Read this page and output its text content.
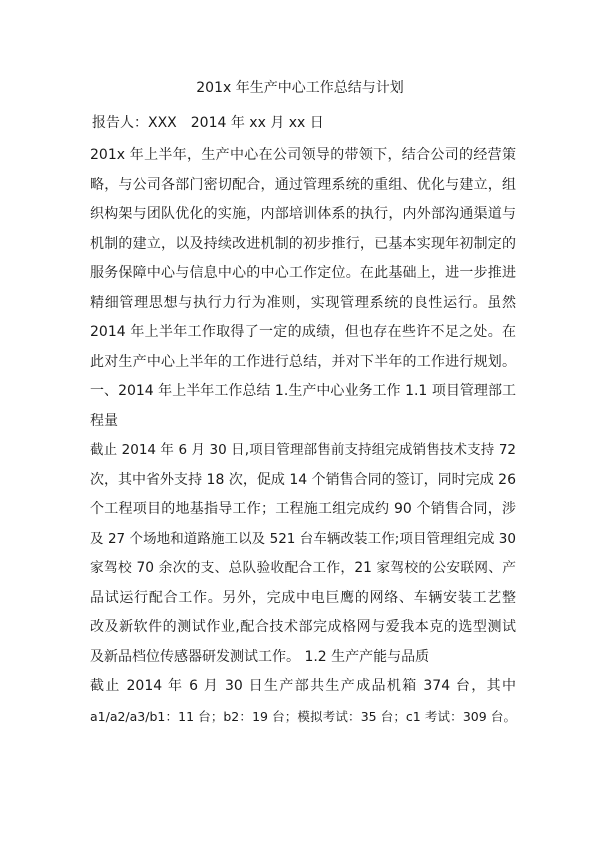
201x 年生产中心工作总结与计划
报告人：XXX　2014 年 xx 月 xx 日
201x 年上半年，生产中心在公司领导的带领下，结合公司的经营策
略，与公司各部门密切配合，通过管理系统的重组、优化与建立，组
织构架与团队优化的实施，内部培训体系的执行，内外部沟通渠道与
机制的建立，以及持续改进机制的初步推行，已基本实现年初制定的
服务保障中心与信息中心的中心工作定位。在此基础上，进一步推进
精细管理思想与执行力行为准则，实现管理系统的良性运行。虽然
2014 年上半年工作取得了一定的成绩，但也存在些许不足之处。在
此对生产中心上半年的工作进行总结，并对下半年的工作进行规划。
一、2014 年上半年工作总结 1.生产中心业务工作 1.1 项目管理部工
程量
截止 2014 年 6 月 30 日,项目管理部售前支持组完成销售技术支持 72
次，其中省外支持 18 次，促成 14 个销售合同的签订，同时完成 26
个工程项目的地基指导工作；工程施工组完成约 90 个销售合同，涉
及 27 个场地和道路施工以及 521 台车辆改装工作;项目管理组完成 30
家驾校 70 余次的支、总队验收配合工作，21 家驾校的公安联网、产
品试运行配合工作。另外，完成中电巨鹰的网络、车辆安装工艺整
改及新软件的测试作业,配合技术部完成格网与爱我本克的选型测试
及新品档位传感器研发测试工作。 1.2 生产产能与品质
截止 2014 年 6 月 30 日生产部共生产成品机箱 374 台，其中
a1/a2/a3/b1：11 台；b2：19 台；模拟考试：35 台；c1 考试：309 台。
